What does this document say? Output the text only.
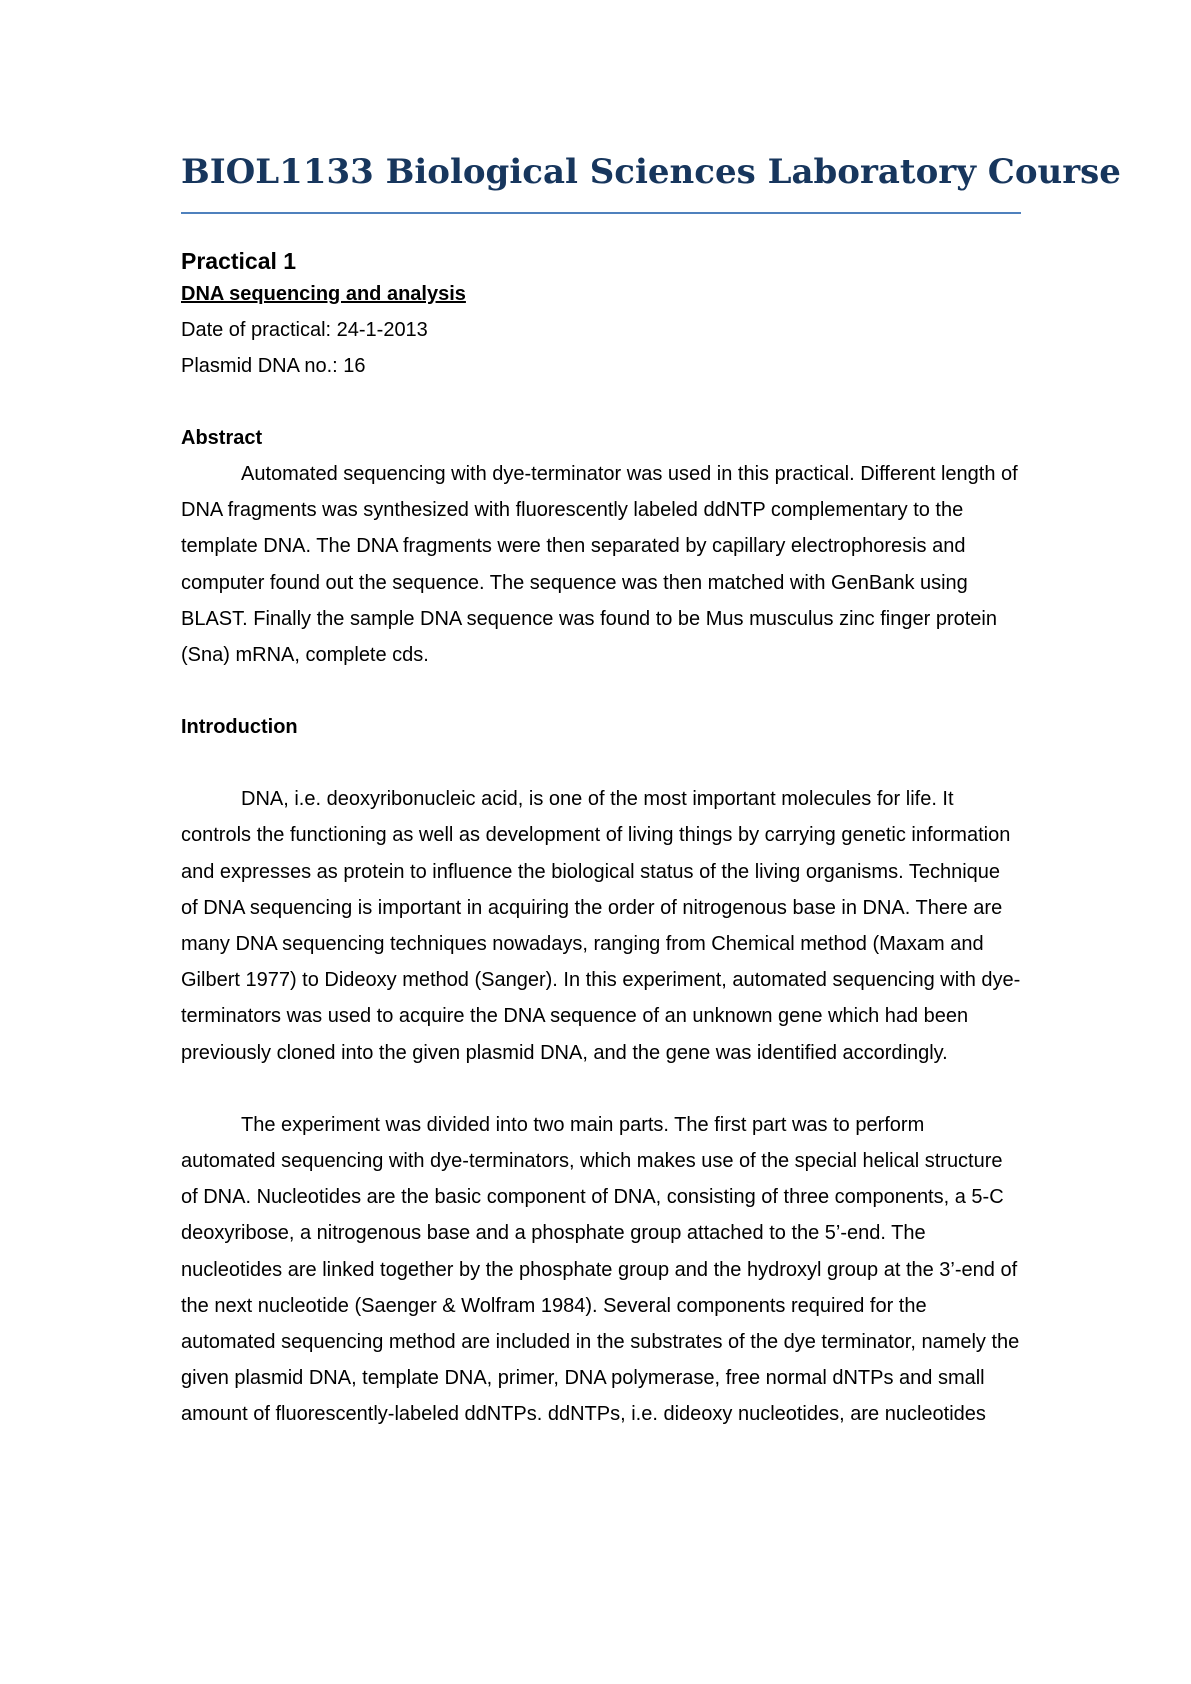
BIOL1133 Biological Sciences Laboratory Course
Practical 1
DNA sequencing and analysis
Date of practical: 24-1-2013
Plasmid DNA no.: 16
Abstract

Automated sequencing with dye-terminator was used in this practical. Different length of DNA fragments was synthesized with fluorescently labeled ddNTP complementary to the template DNA. The DNA fragments were then separated by capillary electrophoresis and computer found out the sequence. The sequence was then matched with GenBank using BLAST. Finally the sample DNA sequence was found to be Mus musculus zinc finger protein (Sna) mRNA, complete cds.

Introduction

DNA, i.e. deoxyribonucleic acid, is one of the most important molecules for life. It controls the functioning as well as development of living things by carrying genetic information and expresses as protein to influence the biological status of the living organisms. Technique of DNA sequencing is important in acquiring the order of nitrogenous base in DNA. There are many DNA sequencing techniques nowadays, ranging from Chemical method (Maxam and Gilbert 1977) to Dideoxy method (Sanger). In this experiment, automated sequencing with dye-terminators was used to acquire the DNA sequence of an unknown gene which had been previously cloned into the given plasmid DNA, and the gene was identified accordingly.

The experiment was divided into two main parts. The first part was to perform automated sequencing with dye-terminators, which makes use of the special helical structure of DNA. Nucleotides are the basic component of DNA, consisting of three components, a 5-C deoxyribose, a nitrogenous base and a phosphate group attached to the 5’-end. The nucleotides are linked together by the phosphate group and the hydroxyl group at the 3’-end of the next nucleotide (Saenger & Wolfram 1984). Several components required for the automated sequencing method are included in the substrates of the dye terminator, namely the given plasmid DNA, template DNA, primer, DNA polymerase, free normal dNTPs and small amount of fluorescently-labeled ddNTPs. ddNTPs, i.e. dideoxy nucleotides, are nucleotides
